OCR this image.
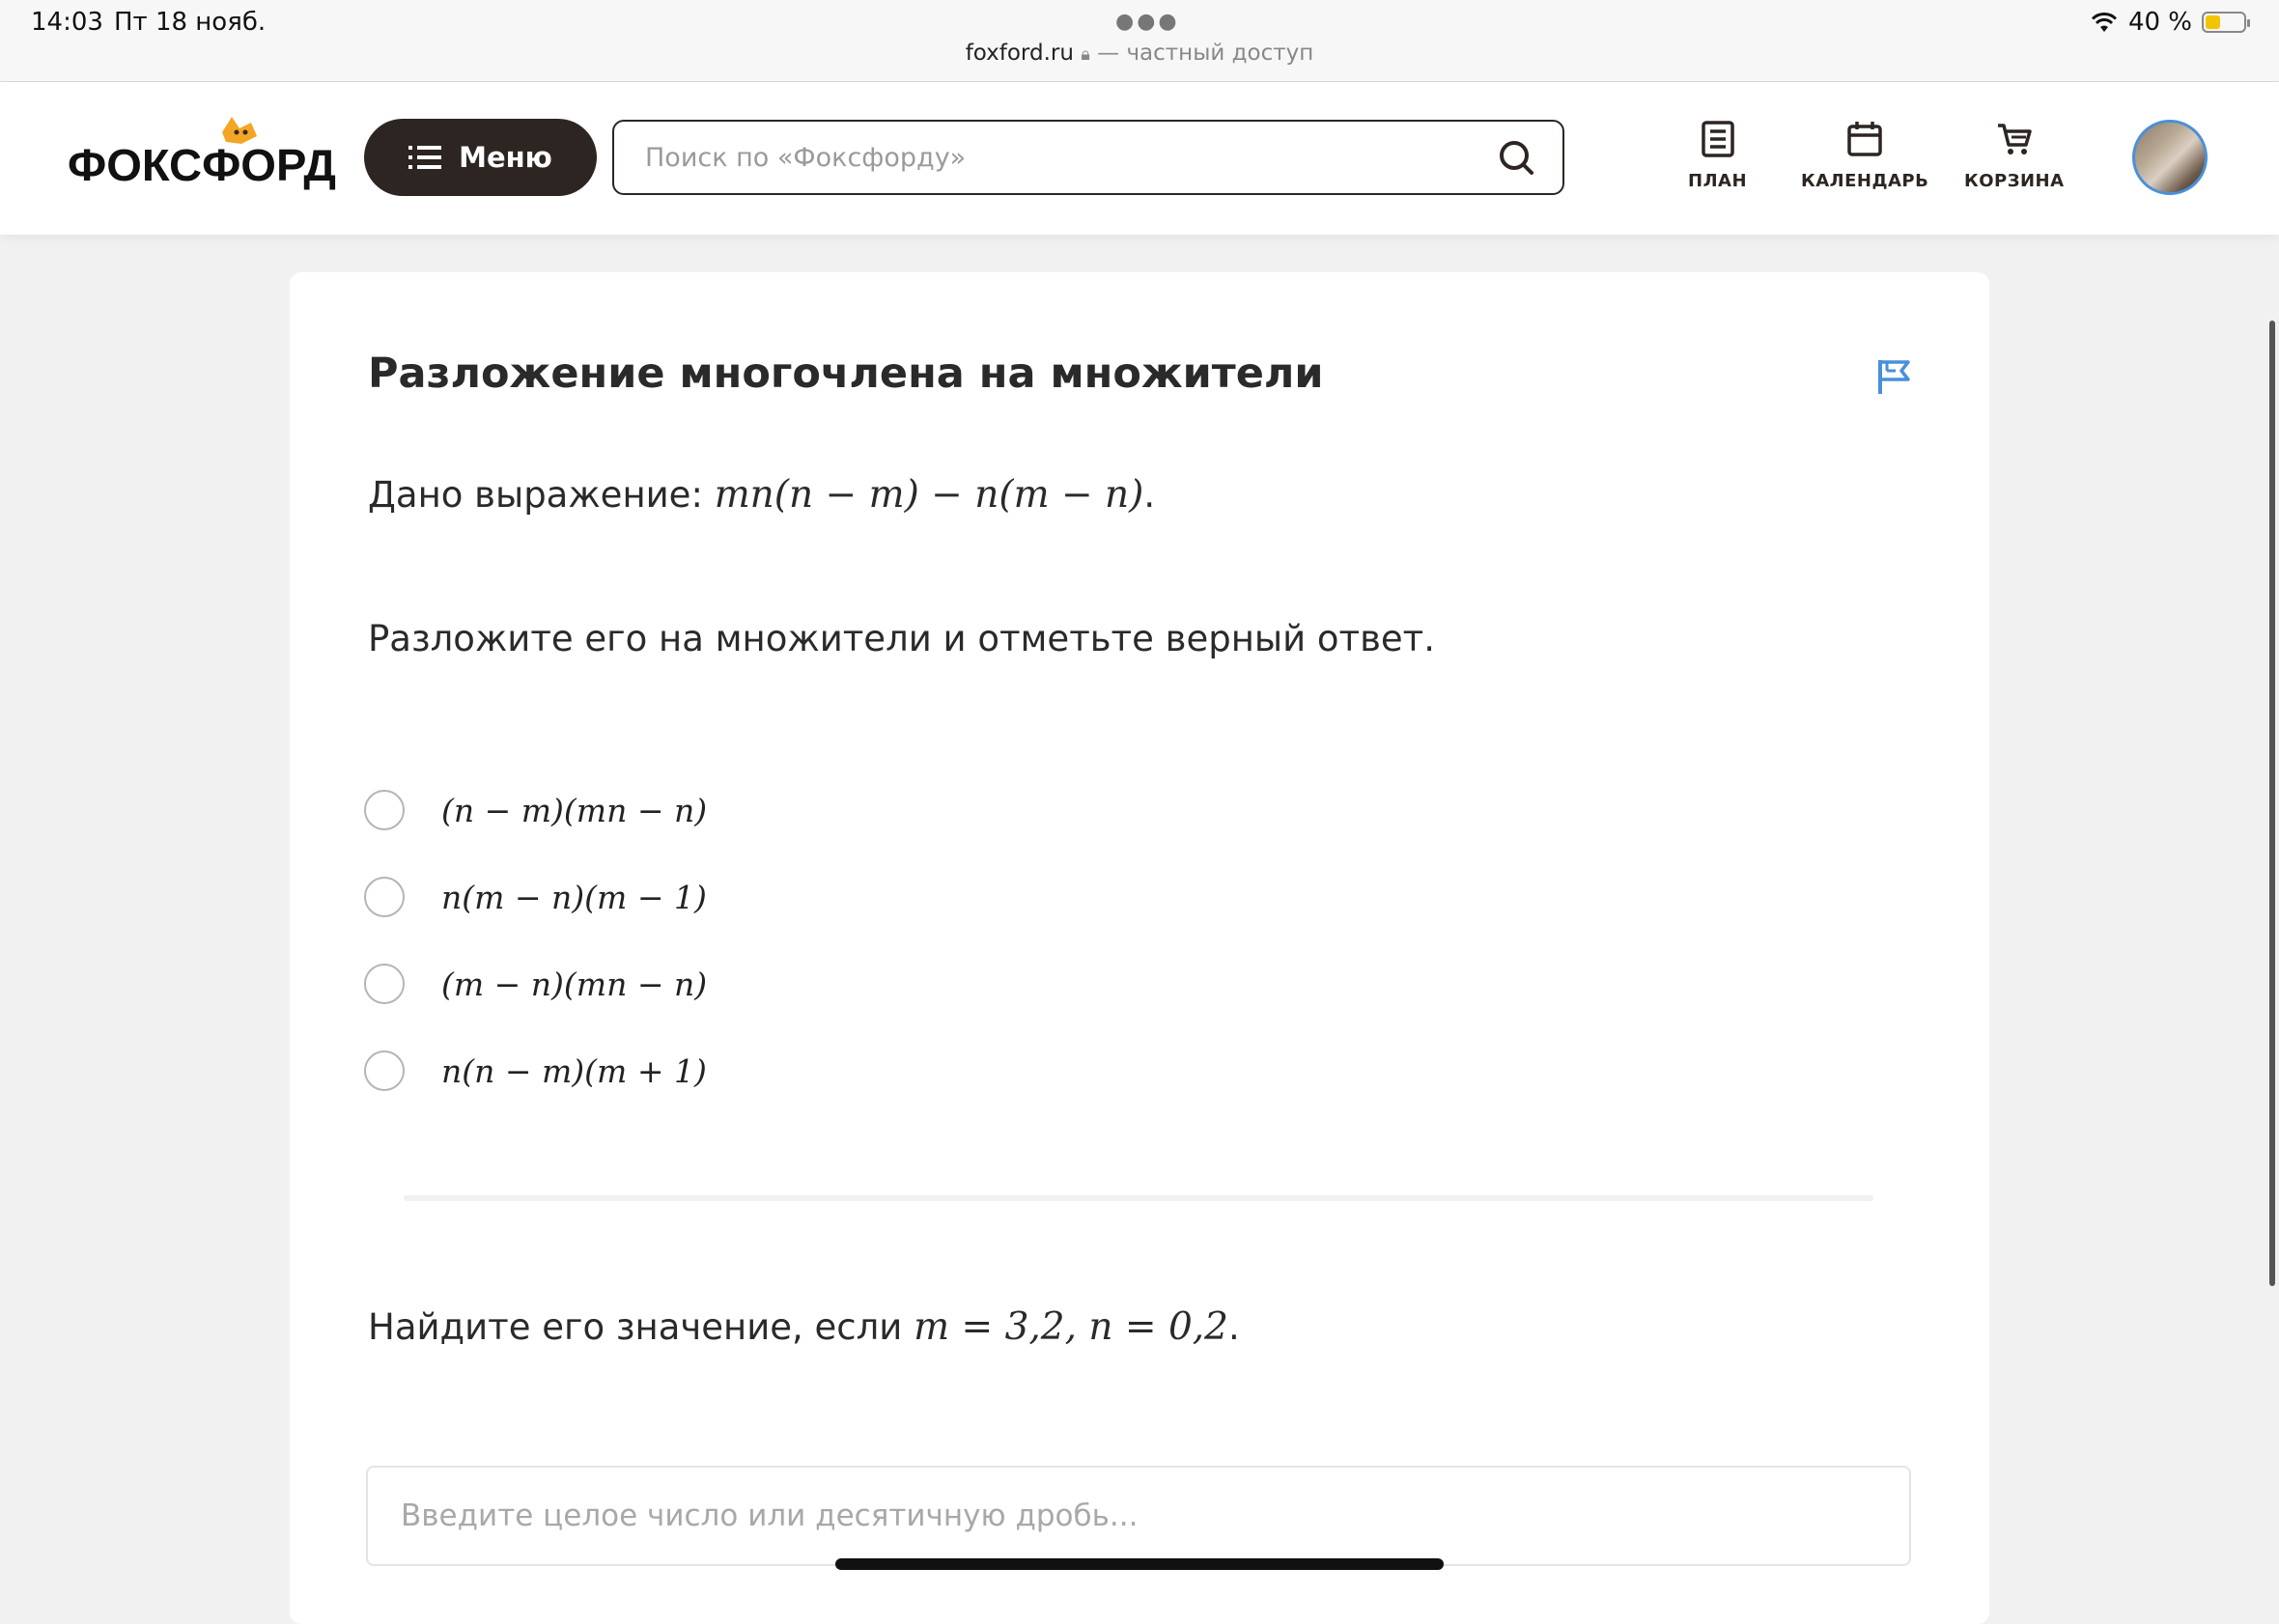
14:03 Пт 18 нояб.	●●●
foxford.ru 🔒︎ — частный доступ
40 %
ФОКСФОРД	Меню
Поиск по «Фоксфорду»
ПЛАН	КАЛЕНДАРЬ КОРЗИНА
Разложение многочлена на множители

Дано выражение: mn(n − m) − n(m − n).

Разложите его на множители и отметьте верный ответ.

(n − m)(mn − n)
n(m − n)(m − 1)
(m − n)(mn − n)
n(n − m)(m + 1)

Найдите его значение, если m = 3,2, n = 0,2.

Введите целое число или десятичную дробь...
